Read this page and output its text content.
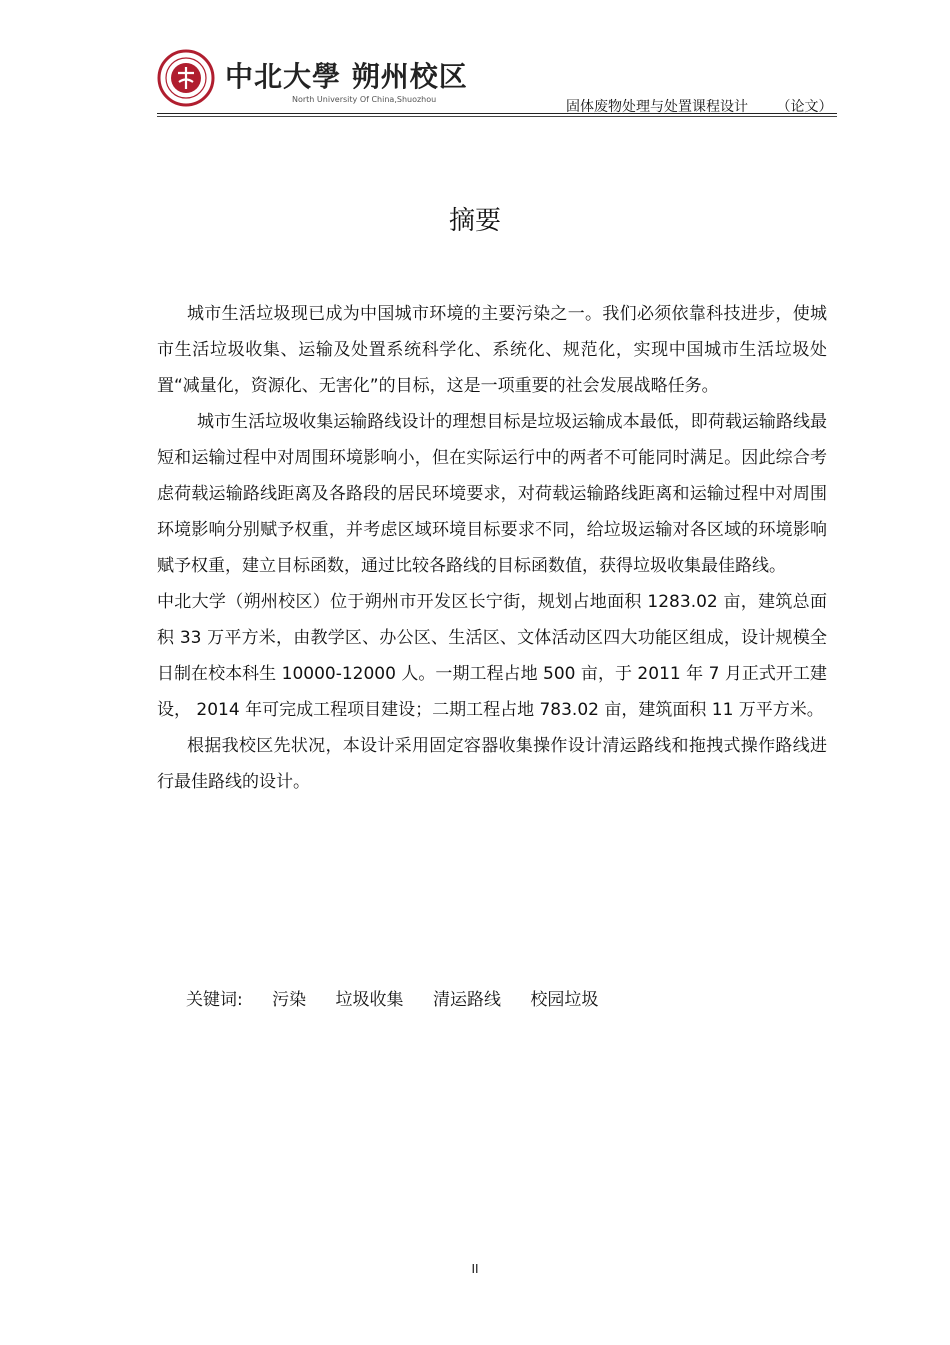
中北大學 朔州校区
North University Of China,Shuozhou	固体废物处理与处置课程设计 （论文）
摘要

城市生活垃圾现已成为中国城市环境的主要污染之一。我们必须依靠科技进步，使城市生活垃圾收集、运输及处置系统科学化、系统化、规范化，实现中国城市生活垃圾处置“减量化，资源化、无害化”的目标，这是一项重要的社会发展战略任务。

城市生活垃圾收集运输路线设计的理想目标是垃圾运输成本最低，即荷载运输路线最短和运输过程中对周围环境影响小，但在实际运行中的两者不可能同时满足。因此综合考虑荷载运输路线距离及各路段的居民环境要求，对荷载运输路线距离和运输过程中对周围环境影响分别赋予权重，并考虑区域环境目标要求不同，给垃圾运输对各区域的环境影响赋予权重，建立目标函数，通过比较各路线的目标函数值，获得垃圾收集最佳路线。

中北大学（朔州校区）位于朔州市开发区长宁街，规划占地面积 1283.02 亩，建筑总面积 33 万平方米，由教学区、办公区、生活区、文体活动区四大功能区组成，设计规模全日制在校本科生 10000-12000 人。一期工程占地 500 亩，于 2011 年 7 月正式开工建设， 2014 年可完成工程项目建设；二期工程占地 783.02 亩，建筑面积 11 万平方米。

根据我校区先状况，本设计采用固定容器收集操作设计清运路线和拖拽式操作路线进行最佳路线的设计。

关键词: 污染 垃圾收集 清运路线 校园垃圾
II
